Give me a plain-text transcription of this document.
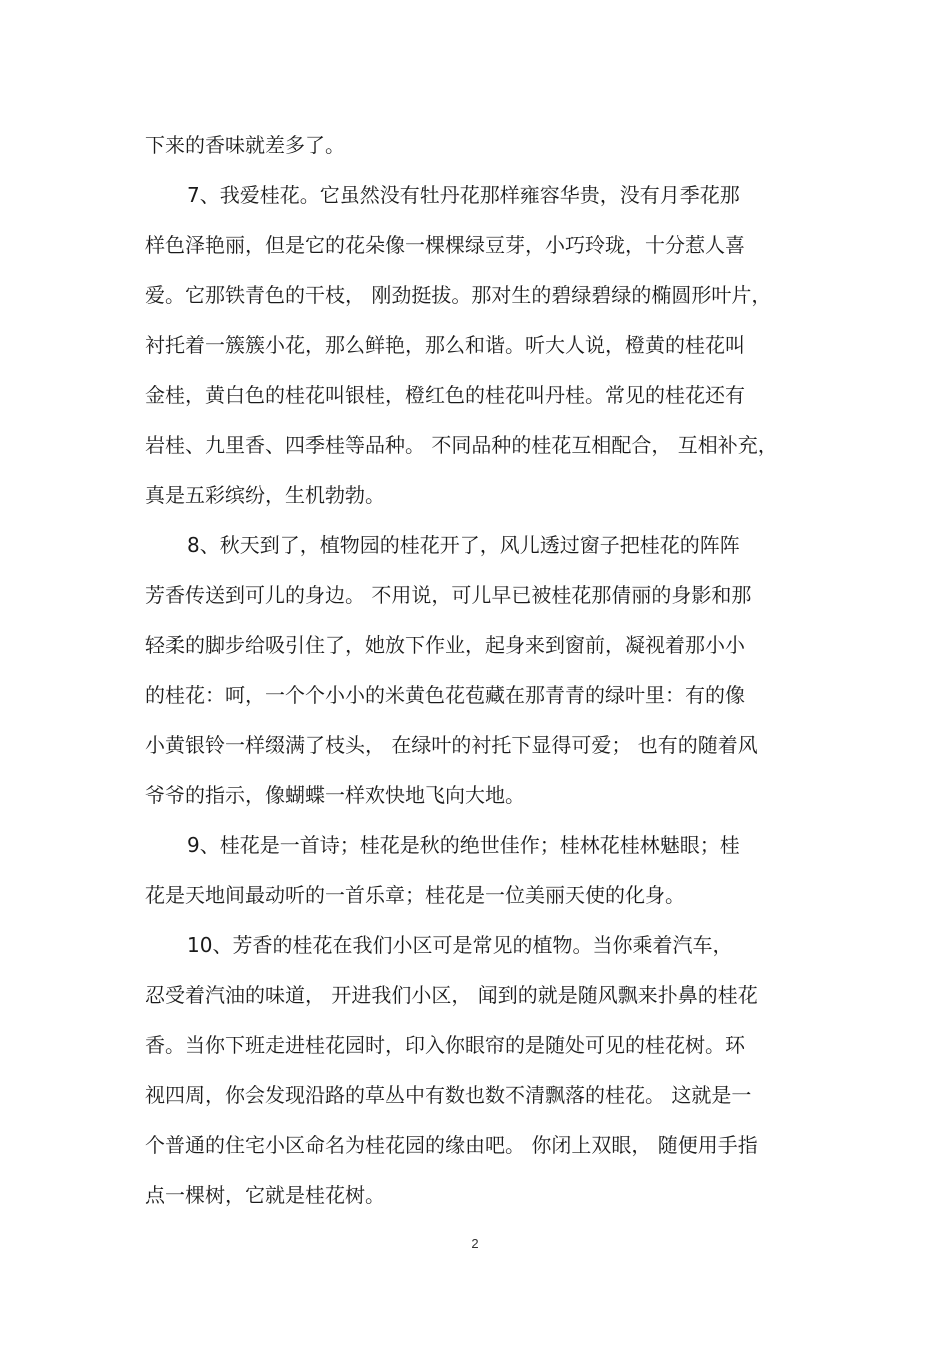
下来的香味就差多了。
7、我爱桂花。它虽然没有牡丹花那样雍容华贵，没有月季花那
样色泽艳丽，但是它的花朵像一棵棵绿豆芽，小巧玲珑，十分惹人喜
爱。它那铁青色的干枝， 刚劲挺拔。那对生的碧绿碧绿的椭圆形叶片，
衬托着一簇簇小花，那么鲜艳，那么和谐。听大人说，橙黄的桂花叫
金桂，黄白色的桂花叫银桂，橙红色的桂花叫丹桂。常见的桂花还有
岩桂、九里香、四季桂等品种。 不同品种的桂花互相配合， 互相补充，
真是五彩缤纷，生机勃勃。
8、秋天到了，植物园的桂花开了，风儿透过窗子把桂花的阵阵
芳香传送到可儿的身边。 不用说，可儿早已被桂花那倩丽的身影和那
轻柔的脚步给吸引住了，她放下作业，起身来到窗前，凝视着那小小
的桂花：呵，一个个小小的米黄色花苞藏在那青青的绿叶里：有的像
小黄银铃一样缀满了枝头， 在绿叶的衬托下显得可爱； 也有的随着风
爷爷的指示，像蝴蝶一样欢快地飞向大地。
9、桂花是一首诗；桂花是秋的绝世佳作；桂林花桂林魅眼；桂
花是天地间最动听的一首乐章；桂花是一位美丽天使的化身。
10、芳香的桂花在我们小区可是常见的植物。当你乘着汽车，
忍受着汽油的味道， 开进我们小区， 闻到的就是随风飘来扑鼻的桂花
香。当你下班走进桂花园时，印入你眼帘的是随处可见的桂花树。环
视四周，你会发现沿路的草丛中有数也数不清飘落的桂花。 这就是一
个普通的住宅小区命名为桂花园的缘由吧。 你闭上双眼， 随便用手指
点一棵树，它就是桂花树。
2
